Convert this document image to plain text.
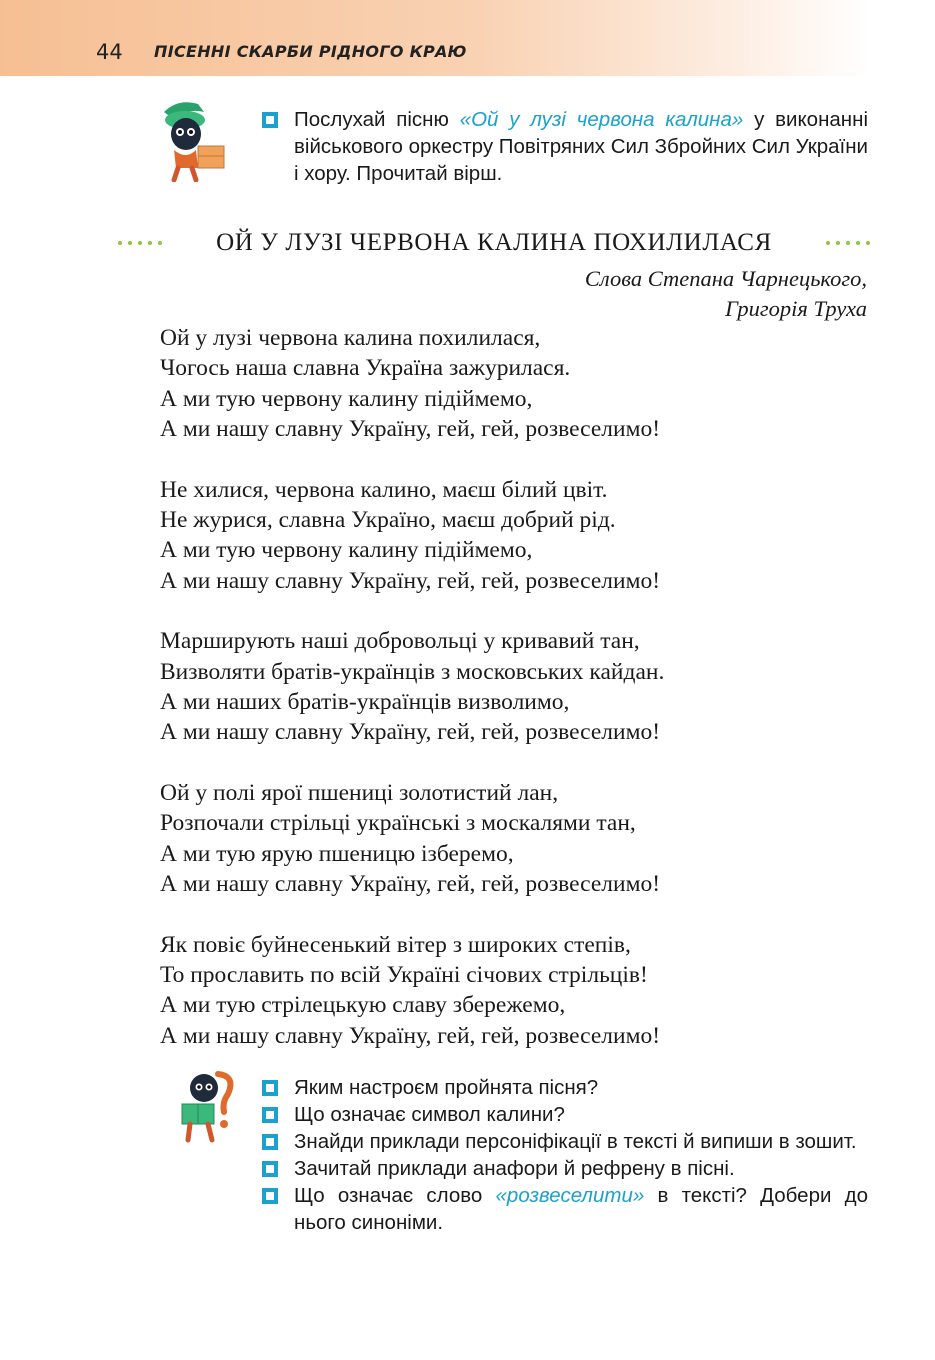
44 ПІСЕННІ СКАРБИ РІДНОГО КРАЮ
Послухай пісню «Ой у лузі червона калина» у виконанні військового оркестру Повітряних Сил Збройних Сил України і хору. Прочитай вірш.
ОЙ У ЛУЗІ ЧЕРВОНА КАЛИНА ПОХИЛИЛАСЯ
Слова Степана Чарнецького,
Григорія Труха
Ой у лузі червона калина похилилася,
Чогось наша славна Україна зажурилася.
А ми тую червону калину підіймемо,
А ми нашу славну Україну, гей, гей, розвеселимо!
Не хилися, червона калино, маєш білий цвіт.
Не журися, славна Україно, маєш добрий рід.
А ми тую червону калину підіймемо,
А ми нашу славну Україну, гей, гей, розвеселимо!
Марширують наші добровольці у кривавий тан,
Визволяти братів-українців з московських кайдан.
А ми наших братів-українців визволимо,
А ми нашу славну Україну, гей, гей, розвеселимо!
Ой у полі ярої пшениці золотистий лан,
Розпочали стрільці українські з москалями тан,
А ми тую ярую пшеницю ізберемо,
А ми нашу славну Україну, гей, гей, розвеселимо!
Як повіє буйнесенький вітер з широких степів,
То прославить по всій Україні січових стрільців!
А ми тую стрілецькую славу збережемо,
А ми нашу славну Україну, гей, гей, розвеселимо!
Яким настроєм пройнята пісня?
Що означає символ калини?
Знайди приклади персоніфікації в тексті й випиши в зошит.
Зачитай приклади анафори й рефрену в пісні.
Що означає слово «розвеселити» в тексті? Добери до нього синоніми.
